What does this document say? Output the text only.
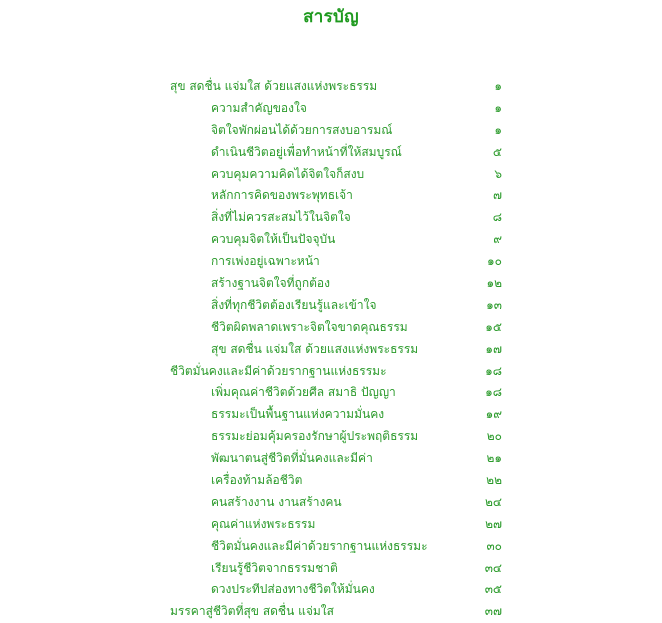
สารบัญ
สุข สดชื่น แจ่มใส ด้วยแสงแห่งพระธรรม	๑
ความสำคัญของใจ	๑
จิตใจพักผ่อนได้ด้วยการสงบอารมณ์	๑
ดำเนินชีวิตอยู่เพื่อทำหน้าที่ให้สมบูรณ์	๕
ควบคุมความคิดได้จิตใจก็สงบ	๖
หลักการคิดของพระพุทธเจ้า	๗
สิ่งที่ไม่ควรสะสมไว้ในจิตใจ	๘
ควบคุมจิตให้เป็นปัจจุบัน	๙
การเพ่งอยู่เฉพาะหน้า	๑๐
สร้างฐานจิตใจที่ถูกต้อง	๑๒
สิ่งที่ทุกชีวิตต้องเรียนรู้และเข้าใจ	๑๓
ชีวิตผิดพลาดเพราะจิตใจขาดคุณธรรม	๑๕
สุข สดชื่น แจ่มใส ด้วยแสงแห่งพระธรรม	๑๗
ชีวิตมั่นคงและมีค่าด้วยรากฐานแห่งธรรมะ	๑๘
เพิ่มคุณค่าชีวิตด้วยศีล สมาธิ ปัญญา	๑๘
ธรรมะเป็นพื้นฐานแห่งความมั่นคง	๑๙
ธรรมะย่อมคุ้มครองรักษาผู้ประพฤติธรรม	๒๐
พัฒนาตนสู่ชีวิตที่มั่นคงและมีค่า	๒๑
เครื่องท้ามล้อชีวิต	๒๒
คนสร้างงาน งานสร้างคน	๒๔
คุณค่าแห่งพระธรรม	๒๗
ชีวิตมั่นคงและมีค่าด้วยรากฐานแห่งธรรมะ	๓๐
เรียนรู้ชีวิตจากธรรมชาติ	๓๔
ดวงประทีปส่องทางชีวิตให้มั่นคง	๓๕
มรรคาสู่ชีวิตที่สุข สดชื่น แจ่มใส	๓๗
